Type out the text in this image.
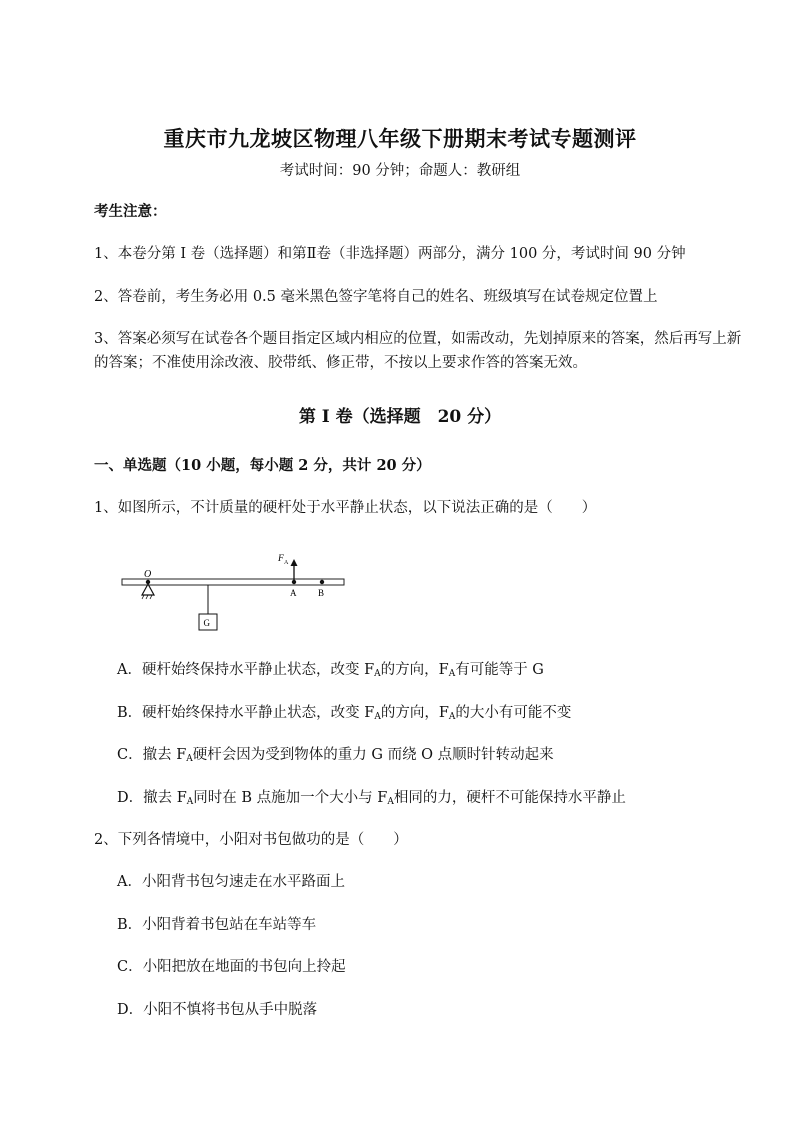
重庆市九龙坡区物理八年级下册期末考试专题测评
考试时间：90 分钟；命题人：教研组
考生注意：
1、本卷分第 I 卷（选择题）和第Ⅱ卷（非选择题）两部分，满分 100 分，考试时间 90 分钟
2、答卷前，考生务必用 0.5 毫米黑色签字笔将自己的姓名、班级填写在试卷规定位置上
3、答案必须写在试卷各个题目指定区域内相应的位置，如需改动，先划掉原来的答案，然后再写上新
的答案；不准使用涂改液、胶带纸、修正带，不按以上要求作答的答案无效。
第 I 卷（选择题　20 分）
一、单选题（10 小题，每小题 2 分，共计 20 分）
1、如图所示，不计质量的硬杆处于水平静止状态，以下说法正确的是（　　）
O
G
F A
A B
A．硬杆始终保持水平静止状态，改变 $F_A$的方向，$F_A$有可能等于 G
B．硬杆始终保持水平静止状态，改变 $F_A$的方向，$F_A$的大小有可能不变
C．撤去 $F_A$硬杆会因为受到物体的重力 G 而绕 O 点顺时针转动起来
D．撤去 $F_A$同时在 B 点施加一个大小与 $F_A$相同的力，硬杆不可能保持水平静止
2、下列各情境中，小阳对书包做功的是（　　）
A．小阳背书包匀速走在水平路面上
B．小阳背着书包站在车站等车
C．小阳把放在地面的书包向上拎起
D．小阳不慎将书包从手中脱落
